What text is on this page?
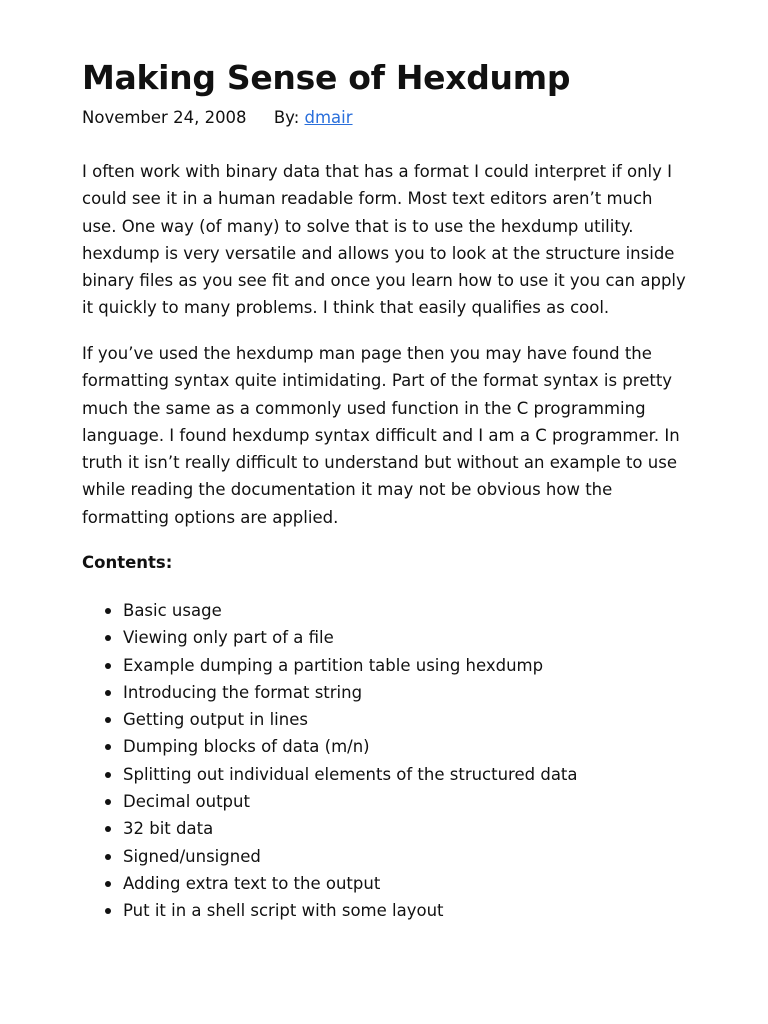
Making Sense of Hexdump
November 24, 2008 By: dmair

I often work with binary data that has a format I could interpret if only I could see it in a human readable form. Most text editors aren’t much use. One way (of many) to solve that is to use the hexdump utility. hexdump is very versatile and allows you to look at the structure inside binary files as you see fit and once you learn how to use it you can apply it quickly to many problems. I think that easily qualifies as cool.

If you’ve used the hexdump man page then you may have found the formatting syntax quite intimidating. Part of the format syntax is pretty much the same as a commonly used function in the C programming language. I found hexdump syntax difficult and I am a C programmer. In truth it isn’t really difficult to understand but without an example to use while reading the documentation it may not be obvious how the formatting options are applied.

Contents:

Basic usage
Viewing only part of a file
Example dumping a partition table using hexdump
Introducing the format string
Getting output in lines
Dumping blocks of data (m/n)
Splitting out individual elements of the structured data
Decimal output
32 bit data
Signed/unsigned
Adding extra text to the output
Put it in a shell script with some layout
